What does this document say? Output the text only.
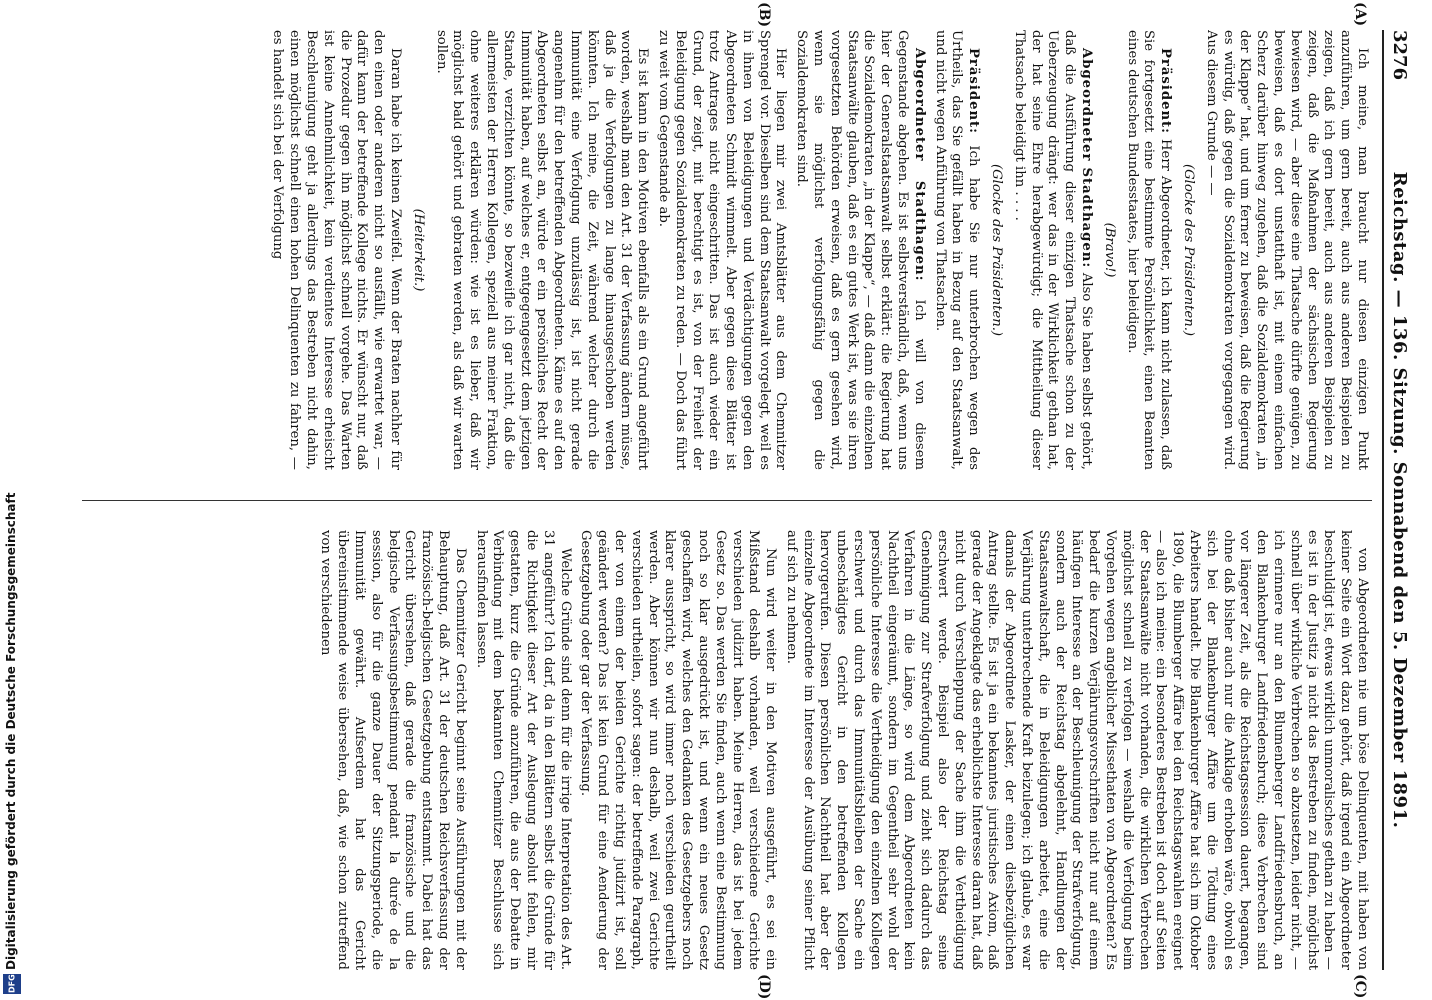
3276
Reichstag. — 136. Sitzung. Sonnabend den 5. Dezember 1891.
(A)
(B)
(C)
(D)

Ich meine, man braucht nur diesen einzigen Punkt anzuführen, um gern bereit, auch aus anderen Beispielen zu zeigen, daß ich gern bereit, auch aus anderen Beispielen zu zeigen, daß die Maßnahmen der sächsischen Regierung bewiesen wird, — aber diese eine Thatsache dürfte genügen, zu beweisen, daß es dort unstatthaft ist, mit einem einfachen Scherz darüber hinweg zugehen, daß die Sozialdemokraten „in der Klappe“ hat, und um ferner zu beweisen, daß die Regierung es würdig, daß gegen die Sozialdemokraten vorgegangen wird. Aus diesem Grunde — —

(Glocke des Präsidenten.)

Präsident: Herr Abgeordneter, ich kann nicht zulassen, daß Sie fortgesetzt eine bestimmte Persönlichkeit, einen Beamten eines deutschen Bundesstaates, hier beleidigen.

(Bravo!)

Abgeordneter Stadthagen: Also Sie haben selbst gehört, daß die Ausführung dieser einzigen Thatsache schon zu der Ueberzeugung drängt: wer das in der Wirklichkeit gethan hat, der hat seine Ehre herabgewürdigt; die Mittheilung dieser Thatsache beleidigt ihn . . . .

(Glocke des Präsidenten.)

Präsident: Ich habe Sie nur unterbrochen wegen des Urtheils, das Sie gefällt haben in Bezug auf den Staatsanwalt, und nicht wegen Anführung von Thatsachen.

Abgeordneter Stadthagen: Ich will von diesem Gegenstande abgehen. Es ist selbstverständlich, daß, wenn uns hier der Generalstaatsanwalt selbst erklärt: die Regierung hat die Sozialdemokraten „in der Klappe“, — daß dann die einzelnen Staatsanwälte glauben, daß es ein gutes Werk ist, was sie ihren vorgesetzten Behörden erweisen, daß es gern gesehen wird, wenn sie möglichst verfolgungsfähig gegen die Sozialdemokraten sind.

Hier liegen mir zwei Amtsblätter aus dem Chemnitzer Sprengel vor. Dieselben sind dem Staatsanwalt vorgelegt, weil es in ihnen von Beleidigungen und Verdächtigungen gegen den Abgeordneten Schmidt wimmelt. Aber gegen diese Blätter ist trotz Antrages nicht eingeschritten. Das ist auch wieder ein Grund, der zeigt, mit berechtigt es ist, von der Freiheit der Beleidigung gegen Sozialdemokraten zu reden. — Doch das führt zu weit vom Gegenstande ab.

Es ist kann in den Motiven ebenfalls als ein Grund angeführt worden, weshalb man den Art. 31 der Verfassung ändern müsse, daß ja die Verfolgungen zu lange hinausgeschoben werden könnten. Ich meine, die Zeit, während welcher durch die Immunität eine Verfolgung unzulässig ist, ist nicht gerade angenehm für den betreffenden Abgeordneten. Käme es auf den Abgeordneten selbst an, würde er ein persönliches Recht der Immunität haben, auf welches er, entgegengesetzt dem jetzigen Stande, verzichten könnte, so bezweifle ich gar nicht, daß die allermeisten der Herren Kollegen, speziell aus meiner Fraktion, ohne weiteres erklären würden: wie ist es lieber, daß wir möglichst bald gehört und gebraten werden, als daß wir warten sollen.

(Heiterkeit.)

Daran habe ich keinen Zweifel. Wenn der Braten nachher für den einen oder anderen nicht so ausfällt, wie erwartet war, — dafür kann der betreffende Kollege nichts. Er wünscht nur, daß die Prozedur gegen ihn möglichst schnell vorgehe. Das Warten ist keine Annehmlichkeit, kein verdientes Interesse erheischt Beschleunigung geht ja allerdings das Bestreben nicht dahin, einen möglichst schnell einen hohen Delinquenten zu fahren, — es handelt sich bei der Verfolgung

von Abgeordneten nie um böse Delinquenten, mit haben von keiner Seite ein Wort dazu gehört, daß irgend ein Abgeordneter beschuldigt ist, etwas wirklich unmoralisches gethan zu haben — es ist in der Justiz ja nicht das Bestreben zu finden, möglichst schnell über wirkliche Verbrechen so abzusetzen, leider nicht, — ich erinnere nur an den Blumenberger Landfriedensbruch, an den Blankenburger Landfriedensbruch; diese Verbrechen sind vor längerer Zeit, als die Reichstagssession dauert, begangen, ohne daß bisher auch nur die Anklage erhoben wäre, obwohl es sich bei der Blankenburger Affäre um die Tödtung eines Arbeiters handelt. Die Blankenburger Affäre hat sich im Oktober 1890, die Blumberger Affäre bei den Reichstagswahlen ereignet — also ich meine: ein besonderes Bestreben ist doch auf Seiten der Staatsanwälte nicht vorhanden, die wirklichen Verbrechen möglichst schnell zu verfolgen — weshalb die Verfolgung beim Vorgehen wegen angeblicher Missethaten von Abgeordneten? Es bedarf die kurzen Verjährungsvorschriften nicht nur auf einem häufigen Interesse an der Beschleunigung der Strafverfolgung, sondern auch der Reichstag abgelehnt, Handlungen der Staatsanwaltschaft, die in Beleidigungen arbeitet, eine die Verjährung unterbrechende Kraft beizulegen; ich glaube, es war damals der Abgeordnete Lasker, der einen diesbezüglichen Antrag stellte. Es ist ja ein bekanntes juristisches Axiom, daß gerade der Angeklagte das erheblichste Interesse daran hat, daß nicht durch Verschleppung der Sache ihm die Vertheidigung erschwert werde. Beispiel also der Reichstag seine Genehmigung zur Strafverfolgung und zieht sich dadurch das Verfahren in die Länge, so wird dem Abgeordneten kein Nachtheil eingeräumt, sondern im Gegentheil sehr wohl der persönliche Interesse die Vertheidigung den einzelnen Kollegen erschwert und durch das Immunitätsbleiben der Sache ein unbeschädigtes Gericht in den betreffenden Kollegen hervorgerufen. Diesen persönlichen Nachtheil hat aber der einzelne Abgeordnete im Interesse der Ausübung seiner Pflicht auf sich zu nehmen.

Nun wird weiter in den Motiven ausgeführt, es sei ein Mißstand deshalb vorhanden, weil verschiedene Gerichte verschieden judizirt haben. Meine Herren, das ist bei jedem Gesetz so. Das werden Sie finden, auch wenn eine Bestimmung noch so klar ausgedrückt ist, und wenn ein neues Gesetz geschaffen wird, welches den Gedanken des Gesetzgebers noch klarer ausspricht, so wird immer noch verschieden geurtheilt werden. Aber können wir nun deshalb, weil zwei Gerichte verschieden urtheilen, sofort sagen: der betreffende Paragraph, der von einem der beiden Gerichte richtig judizirt ist, soll geändert werden? Das ist kein Grund für eine Aenderung der Gesetzgebung oder gar der Verfassung.

Welche Gründe sind denn für die irrige Interpretation des Art. 31 angeführt? Ich darf, da in den Blättern selbst die Gründe für die Richtigkeit dieser Art der Auslegung absolut fehlen, mir gestatten, kurz die Gründe anzuführen, die aus der Debatte in Verbindung mit dem bekannten Chemnitzer Beschlusse sich herausfinden lassen.

Das Chemnitzer Gericht beginnt seine Ausführungen mit der Behauptung, daß Art. 31 der deutschen Reichsverfassung der französisch-belgischen Gesetzgebung entstammt. Dabei hat das Gericht übersehen, daß gerade die französische und die belgische Verfassungsbestimmung pendant la durée de la session, also für die ganze Dauer der Sitzungsperiode, die Immunität gewährt. Aufserdem hat das Gericht übereinstimmende weise übersehen, daß, wie schon zutreffend von verschiedenen

Digitalisierung gefördert durch die Deutsche Forschungsgemeinschaft
DFG
